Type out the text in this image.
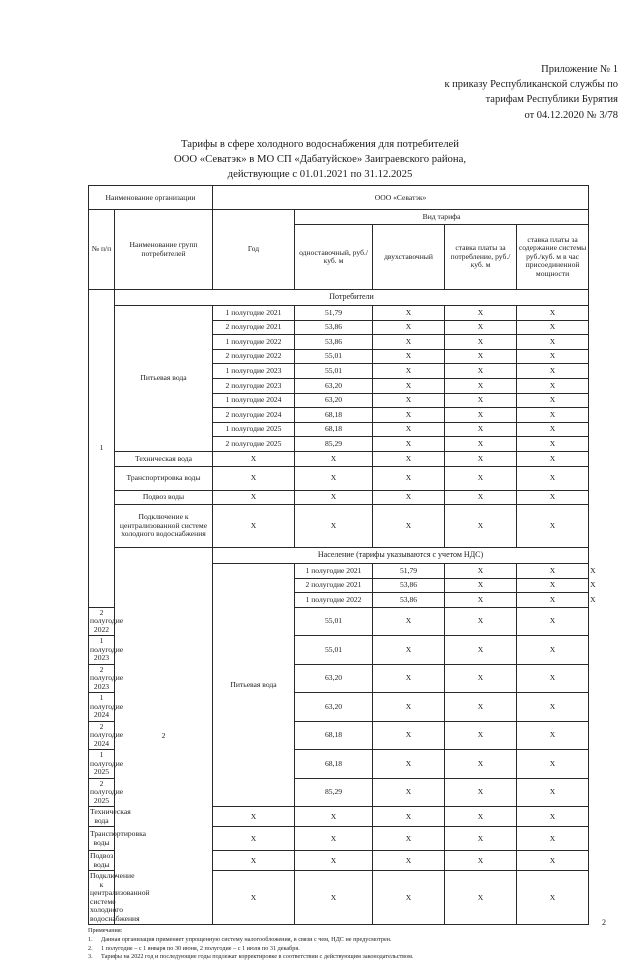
Приложение № 1
к приказу Республиканской службы по
тарифам Республики Бурятия
от 04.12.2020 № 3/78
Тарифы в сфере холодного водоснабжения для потребителей
ООО «Севатэк» в МО СП «Дабатуйское» Заиграевского района,
действующие с 01.01.2021 по 31.12.2025
Наименование организации		ООО «Севатэк»					
№ п/п	Наименование групп потребителей	Год	Вид тарифа				
			одноставочный, руб./ куб. м	двухставочный	ставка платы за потребление, руб./ куб. м	ставка платы за содержание системы руб./куб. м в час присоединенной мощности	
1	Потребители						
	Питьевая вода	1 полугодие 2021	51,79	X	X	X	
		2 полугодие 2021	53,86	X	X	X	
		1 полугодие 2022	53,86	X	X	X	
		2 полугодие 2022	55,01	X	X	X	
		1 полугодие 2023	55,01	X	X	X	
		2 полугодие 2023	63,20	X	X	X	
		1 полугодие 2024	63,20	X	X	X	
		2 полугодие 2024	68,18	X	X	X	
		1 полугодие 2025	68,18	X	X	X	
		2 полугодие 2025	85,29	X	X	X	
	Техническая вода	X	X	X	X	X	
	Транспортировка воды	X	X	X	X	X	
	Подвоз воды	X	X	X	X	X	
	Подключение к централизованной системе холодного водоснабжения	X	X	X	X	X	
	2	Население (тарифы указываются с учетом НДС)					
		Питьевая вода	1 полугодие 2021	51,79	X	X	X
			2 полугодие 2021	53,86	X	X	X
			1 полугодие 2022	53,86	X	X	X
2 полугодие 2022			55,01	X	X	X	
1 полугодие 2023			55,01	X	X	X	
2 полугодие 2023			63,20	X	X	X	
1 полугодие 2024			63,20	X	X	X	
2 полугодие 2024			68,18	X	X	X	
1 полугодие 2025			68,18	X	X	X	
2 полугодие 2025			85,29	X	X	X	
Техническая вода		X	X	X	X	X	
Транспортировка воды		X	X	X	X	X	
Подвоз воды		X	X	X	X	X	
Подключение к централизованной системе холодного водоснабжения		X	X	X	X	X	
Примечания:
1.	Данная организация применяет упрощенную систему налогообложения, в связи с чем, НДС не предусмотрен.
2.	1 полугодие – с 1 января по 30 июня, 2 полугодие – с 1 июля по 31 декабря.
3.	Тарифы на 2022 год и последующие годы подлежат корректировке в соответствии с действующим законодательством.
2
